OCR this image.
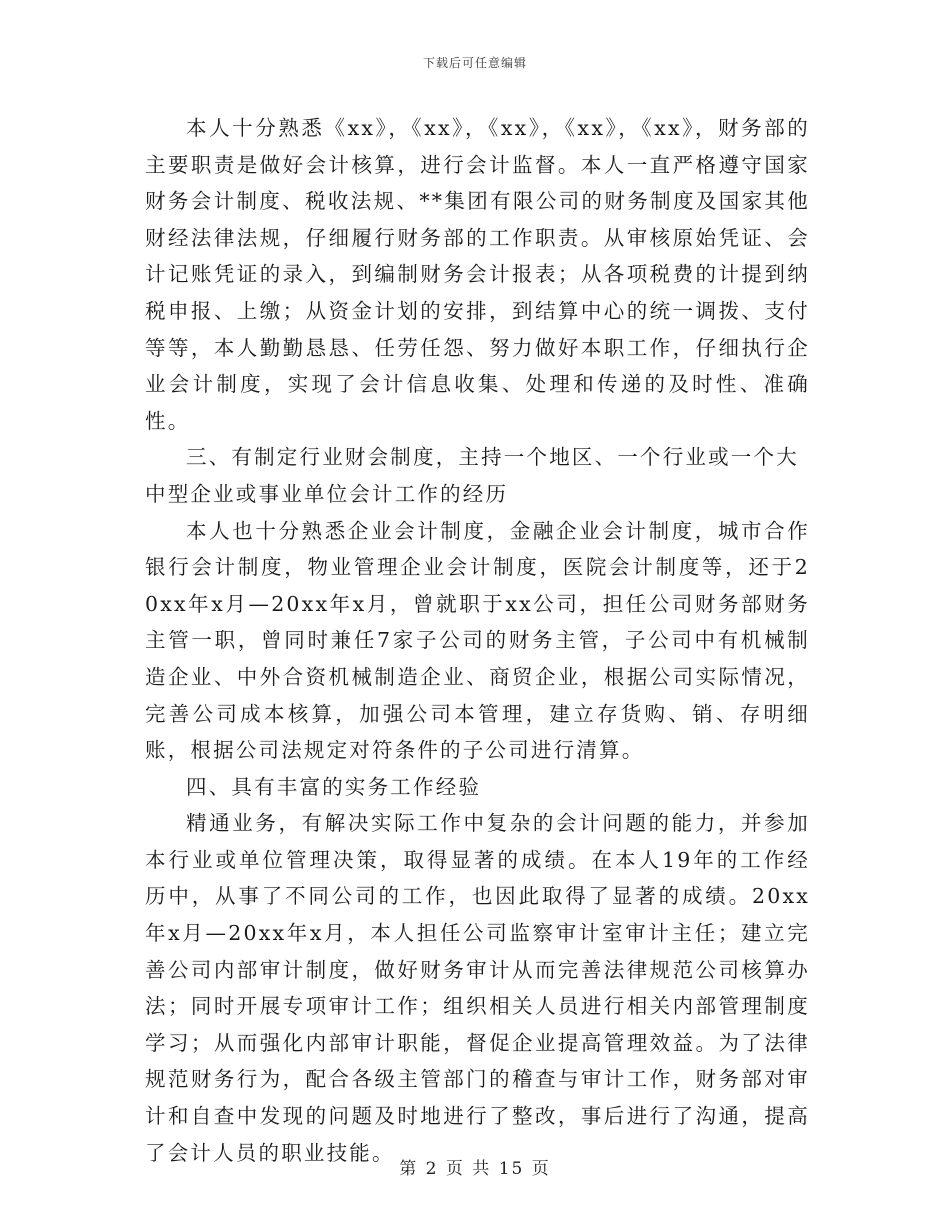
下载后可任意编辑

本人十分熟悉《xx》，《xx》，《xx》，《xx》，《xx》，财务部的主要职责是做好会计核算，进行会计监督。本人一直严格遵守国家财务会计制度、税收法规、**集团有限公司的财务制度及国家其他财经法律法规，仔细履行财务部的工作职责。从审核原始凭证、会计记账凭证的录入，到编制财务会计报表；从各项税费的计提到纳税申报、上缴；从资金计划的安排，到结算中心的统一调拨、支付等等，本人勤勤恳恳、任劳任怨、努力做好本职工作，仔细执行企业会计制度，实现了会计信息收集、处理和传递的及时性、准确性。

三、有制定行业财会制度，主持一个地区、一个行业或一个大中型企业或事业单位会计工作的经历

本人也十分熟悉企业会计制度，金融企业会计制度，城市合作银行会计制度，物业管理企业会计制度，医院会计制度等，还于20xx年x月—20xx年x月，曾就职于xx公司，担任公司财务部财务主管一职，曾同时兼任7家子公司的财务主管，子公司中有机械制造企业、中外合资机械制造企业、商贸企业，根据公司实际情况，完善公司成本核算，加强公司本管理，建立存货购、销、存明细账，根据公司法规定对符条件的子公司进行清算。

四、具有丰富的实务工作经验

精通业务，有解决实际工作中复杂的会计问题的能力，并参加本行业或单位管理决策，取得显著的成绩。在本人19年的工作经历中，从事了不同公司的工作，也因此取得了显著的成绩。20xx年x月—20xx年x月，本人担任公司监察审计室审计主任；建立完善公司内部审计制度，做好财务审计从而完善法律规范公司核算办法；同时开展专项审计工作；组织相关人员进行相关内部管理制度学习；从而强化内部审计职能，督促企业提高管理效益。为了法律规范财务行为，配合各级主管部门的稽查与审计工作，财务部对审计和自查中发现的问题及时地进行了整改，事后进行了沟通，提高了会计人员的职业技能。

第 2 页 共 15 页
